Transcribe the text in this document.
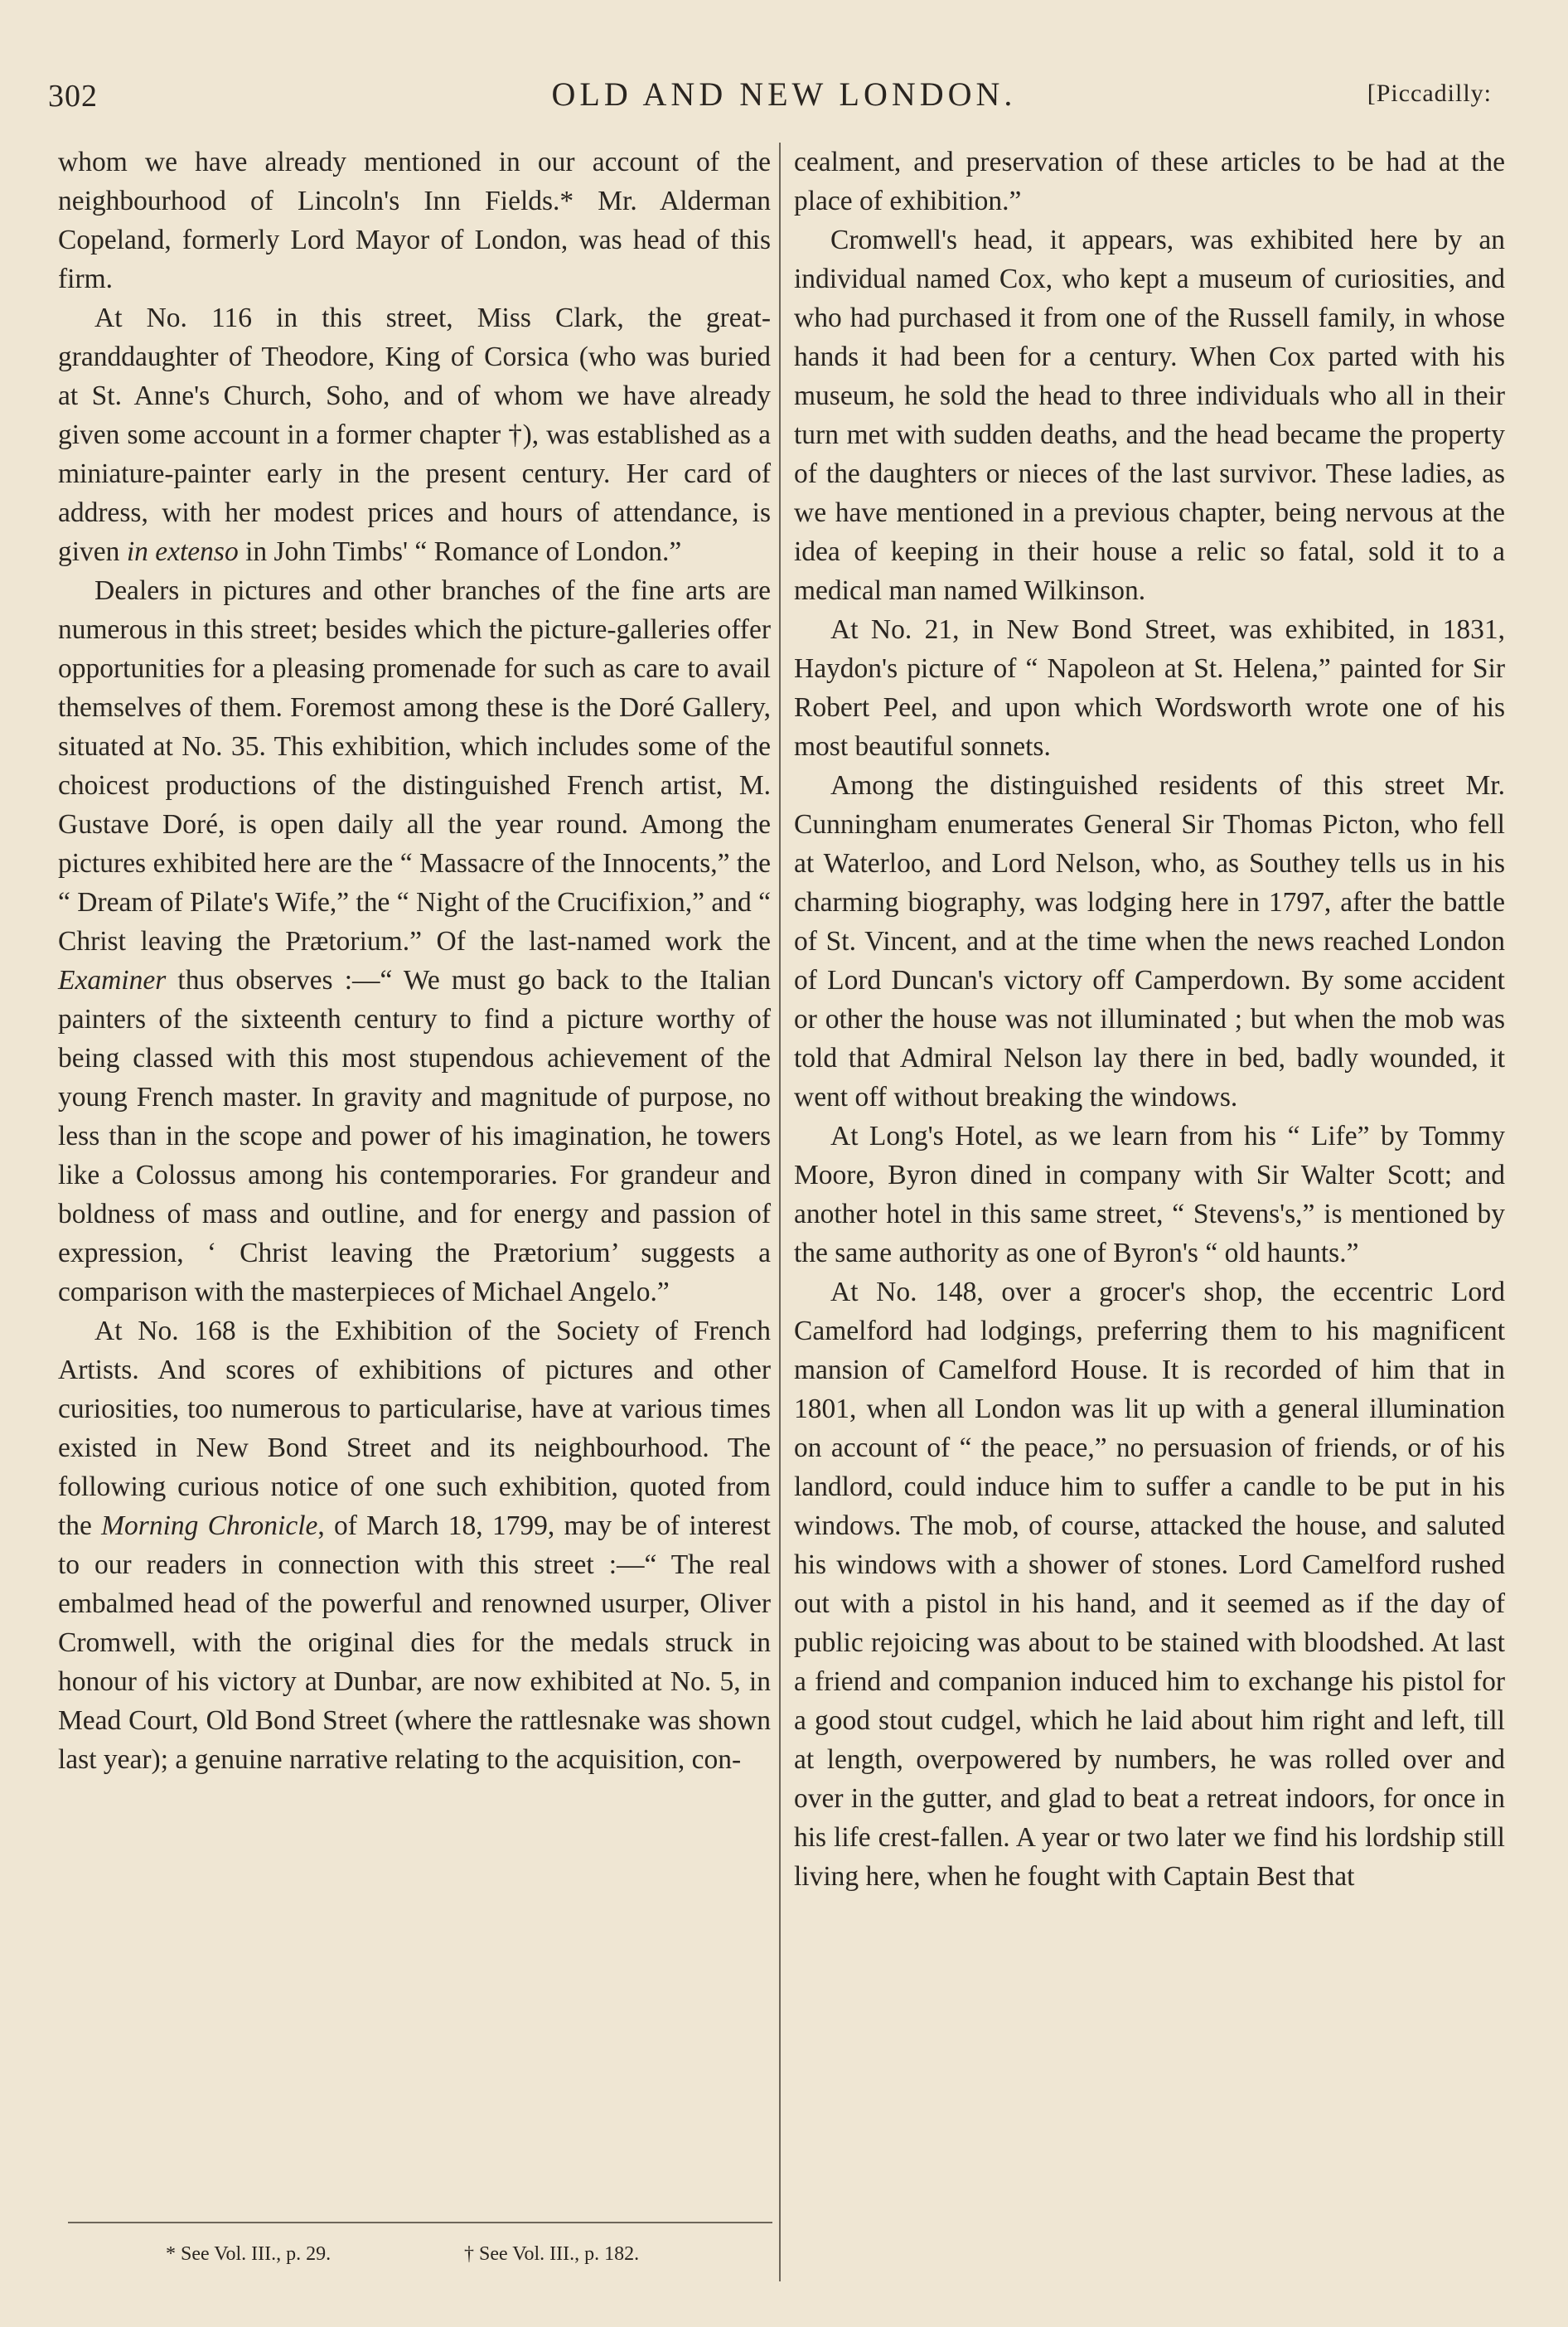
302	OLD AND NEW LONDON.	[Piccadilly:

whom we have already mentioned in our account of the neighbourhood of Lincoln's Inn Fields.* Mr. Alderman Copeland, formerly Lord Mayor of London, was head of this firm.

At No. 116 in this street, Miss Clark, the great-granddaughter of Theodore, King of Corsica (who was buried at St. Anne's Church, Soho, and of whom we have already given some account in a former chapter †), was established as a miniature-painter early in the present century. Her card of address, with her modest prices and hours of attendance, is given in extenso in John Timbs' “ Romance of London.”

Dealers in pictures and other branches of the fine arts are numerous in this street; besides which the picture-galleries offer opportunities for a pleasing promenade for such as care to avail themselves of them. Foremost among these is the Doré Gallery, situated at No. 35. This exhibition, which includes some of the choicest productions of the distinguished French artist, M. Gustave Doré, is open daily all the year round. Among the pictures exhibited here are the “ Massacre of the Innocents,” the “ Dream of Pilate's Wife,” the “ Night of the Crucifixion,” and “ Christ leaving the Prætorium.” Of the last-named work the Examiner thus observes :—“ We must go back to the Italian painters of the sixteenth century to find a picture worthy of being classed with this most stupendous achievement of the young French master. In gravity and magnitude of purpose, no less than in the scope and power of his imagination, he towers like a Colossus among his contemporaries. For grandeur and boldness of mass and outline, and for energy and passion of expression, ‘ Christ leaving the Prætorium’ suggests a comparison with the masterpieces of Michael Angelo.”

At No. 168 is the Exhibition of the Society of French Artists. And scores of exhibitions of pictures and other curiosities, too numerous to particularise, have at various times existed in New Bond Street and its neighbourhood. The following curious notice of one such exhibition, quoted from the Morning Chronicle, of March 18, 1799, may be of interest to our readers in connection with this street :—“ The real embalmed head of the powerful and renowned usurper, Oliver Cromwell, with the original dies for the medals struck in honour of his victory at Dunbar, are now exhibited at No. 5, in Mead Court, Old Bond Street (where the rattlesnake was shown last year); a genuine narrative relating to the acquisition, con-

cealment, and preservation of these articles to be had at the place of exhibition.”

Cromwell's head, it appears, was exhibited here by an individual named Cox, who kept a museum of curiosities, and who had purchased it from one of the Russell family, in whose hands it had been for a century. When Cox parted with his museum, he sold the head to three individuals who all in their turn met with sudden deaths, and the head became the property of the daughters or nieces of the last survivor. These ladies, as we have mentioned in a previous chapter, being nervous at the idea of keeping in their house a relic so fatal, sold it to a medical man named Wilkinson.

At No. 21, in New Bond Street, was exhibited, in 1831, Haydon's picture of “ Napoleon at St. Helena,” painted for Sir Robert Peel, and upon which Wordsworth wrote one of his most beautiful sonnets.

Among the distinguished residents of this street Mr. Cunningham enumerates General Sir Thomas Picton, who fell at Waterloo, and Lord Nelson, who, as Southey tells us in his charming biography, was lodging here in 1797, after the battle of St. Vincent, and at the time when the news reached London of Lord Duncan's victory off Camperdown. By some accident or other the house was not illuminated ; but when the mob was told that Admiral Nelson lay there in bed, badly wounded, it went off without breaking the windows.

At Long's Hotel, as we learn from his “ Life” by Tommy Moore, Byron dined in company with Sir Walter Scott; and another hotel in this same street, “ Stevens's,” is mentioned by the same authority as one of Byron's “ old haunts.”

At No. 148, over a grocer's shop, the eccentric Lord Camelford had lodgings, preferring them to his magnificent mansion of Camelford House. It is recorded of him that in 1801, when all London was lit up with a general illumination on account of “ the peace,” no persuasion of friends, or of his landlord, could induce him to suffer a candle to be put in his windows. The mob, of course, attacked the house, and saluted his windows with a shower of stones. Lord Camelford rushed out with a pistol in his hand, and it seemed as if the day of public rejoicing was about to be stained with bloodshed. At last a friend and companion induced him to exchange his pistol for a good stout cudgel, which he laid about him right and left, till at length, overpowered by numbers, he was rolled over and over in the gutter, and glad to beat a retreat indoors, for once in his life crest-fallen. A year or two later we find his lordship still living here, when he fought with Captain Best that

* See Vol. III., p. 29.	† See Vol. III., p. 182.
